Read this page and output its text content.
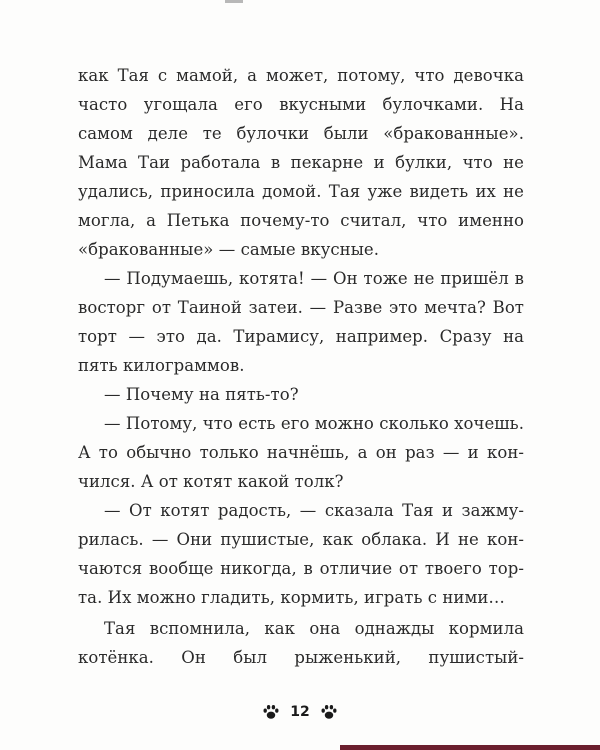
как Тая с мамой, а может, потому, что девочка
часто угощала его вкусными булочками. На
самом деле те булочки были «бракованные».
Мама Таи работала в пекарне и булки, что не
удались, приносила домой. Тая уже видеть их не
могла, а Петька почему-то считал, что именно
«бракованные» — самые вкусные.
— Подумаешь, котята! — Он тоже не пришёл в
восторг от Таиной затеи. — Разве это мечта? Вот
торт — это да. Тирамису, например. Сразу на
пять килограммов.
— Почему на пять-то?
— Потому, что есть его можно сколько хочешь.
А то обычно только начнёшь, а он раз — и кон-
чился. А от котят какой толк?
— От котят радость, — сказала Тая и зажму-
рилась. — Они пушистые, как облака. И не кон-
чаются вообще никогда, в отличие от твоего тор-
та. Их можно гладить, кормить, играть с ними…
Тая вспомнила, как она однажды кормила
котёнка. Он был рыженький, пушистый-
12
